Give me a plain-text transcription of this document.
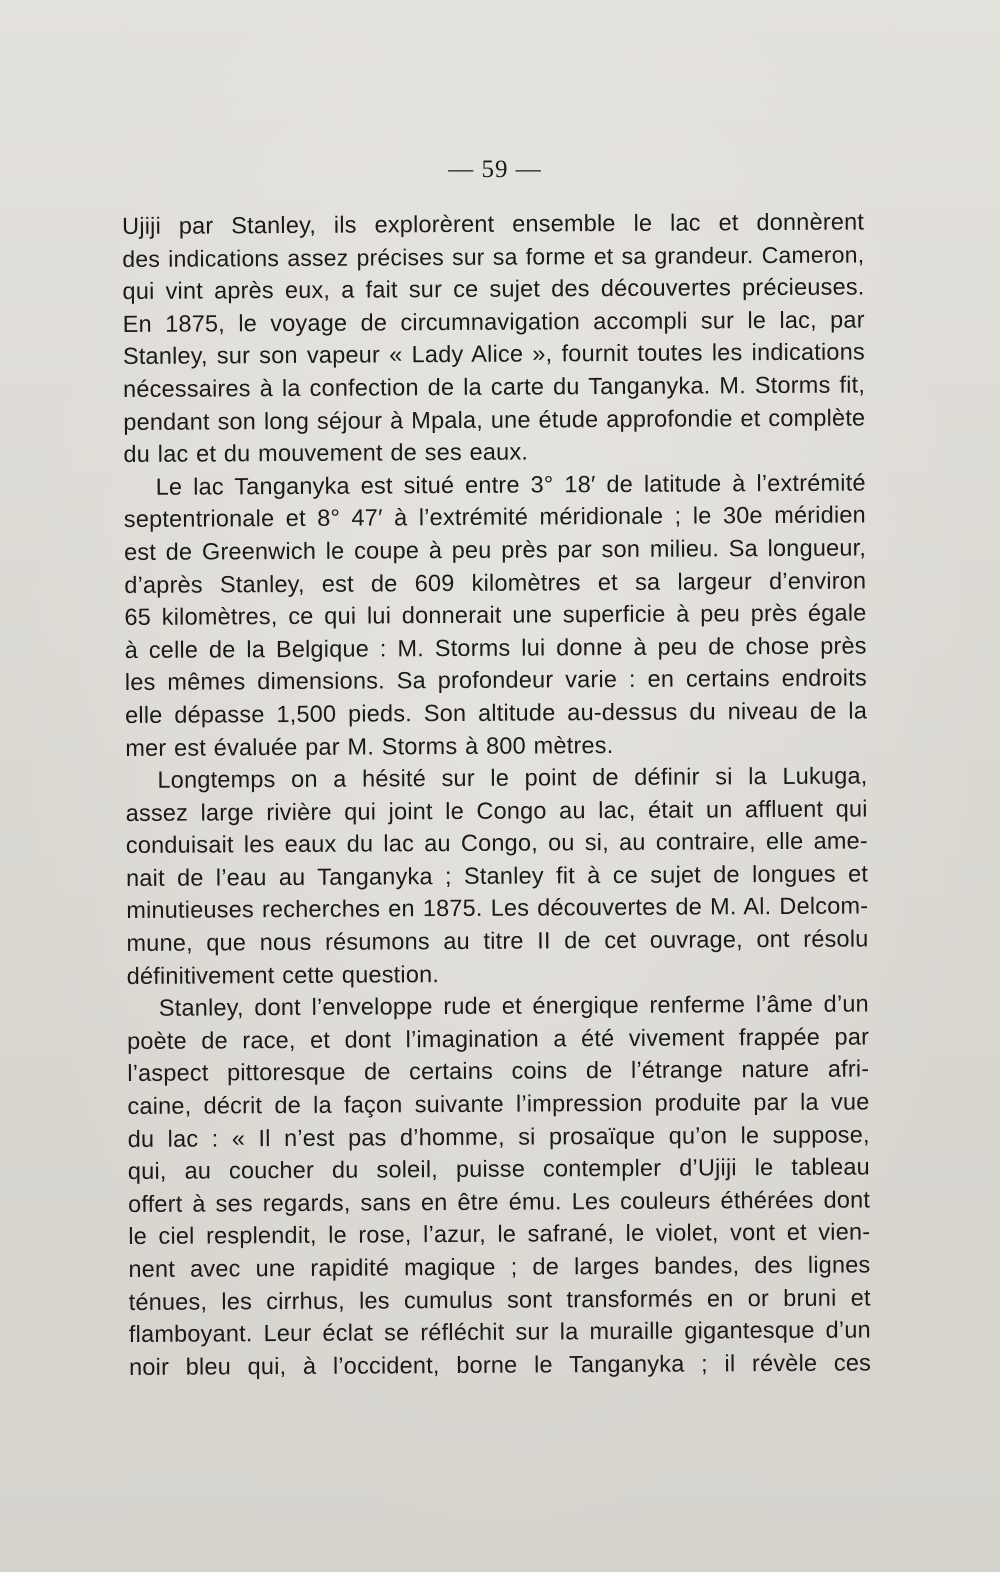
— 59 —
Ujiji par Stanley, ils explorèrent ensemble le lac et donnèrent
des indications assez précises sur sa forme et sa grandeur. Cameron,
qui vint après eux, a fait sur ce sujet des découvertes précieuses.
En 1875, le voyage de circumnavigation accompli sur le lac, par
Stanley, sur son vapeur « Lady Alice », fournit toutes les indications
nécessaires à la confection de la carte du Tanganyka. M. Storms fit,
pendant son long séjour à Mpala, une étude approfondie et complète
du lac et du mouvement de ses eaux.
Le lac Tanganyka est situé entre 3° 18′ de latitude à l’extrémité
septentrionale et 8° 47′ à l’extrémité méridionale ; le 30e méridien
est de Greenwich le coupe à peu près par son milieu. Sa longueur,
d’après Stanley, est de 609 kilomètres et sa largeur d’environ
65 kilomètres, ce qui lui donnerait une superficie à peu près égale
à celle de la Belgique : M. Storms lui donne à peu de chose près
les mêmes dimensions. Sa profondeur varie : en certains endroits
elle dépasse 1,500 pieds. Son altitude au-dessus du niveau de la
mer est évaluée par M. Storms à 800 mètres.
Longtemps on a hésité sur le point de définir si la Lukuga,
assez large rivière qui joint le Congo au lac, était un affluent qui
conduisait les eaux du lac au Congo, ou si, au contraire, elle ame-
nait de l’eau au Tanganyka ; Stanley fit à ce sujet de longues et
minutieuses recherches en 1875. Les découvertes de M. Al. Delcom-
mune, que nous résumons au titre II de cet ouvrage, ont résolu
définitivement cette question.
Stanley, dont l’enveloppe rude et énergique renferme l’âme d’un
poète de race, et dont l’imagination a été vivement frappée par
l’aspect pittoresque de certains coins de l’étrange nature afri-
caine, décrit de la façon suivante l’impression produite par la vue
du lac : « Il n’est pas d’homme, si prosaïque qu’on le suppose,
qui, au coucher du soleil, puisse contempler d’Ujiji le tableau
offert à ses regards, sans en être ému. Les couleurs éthérées dont
le ciel resplendit, le rose, l’azur, le safrané, le violet, vont et vien-
nent avec une rapidité magique ; de larges bandes, des lignes
ténues, les cirrhus, les cumulus sont transformés en or bruni et
flamboyant. Leur éclat se réfléchit sur la muraille gigantesque d’un
noir bleu qui, à l’occident, borne le Tanganyka ; il révèle ces
